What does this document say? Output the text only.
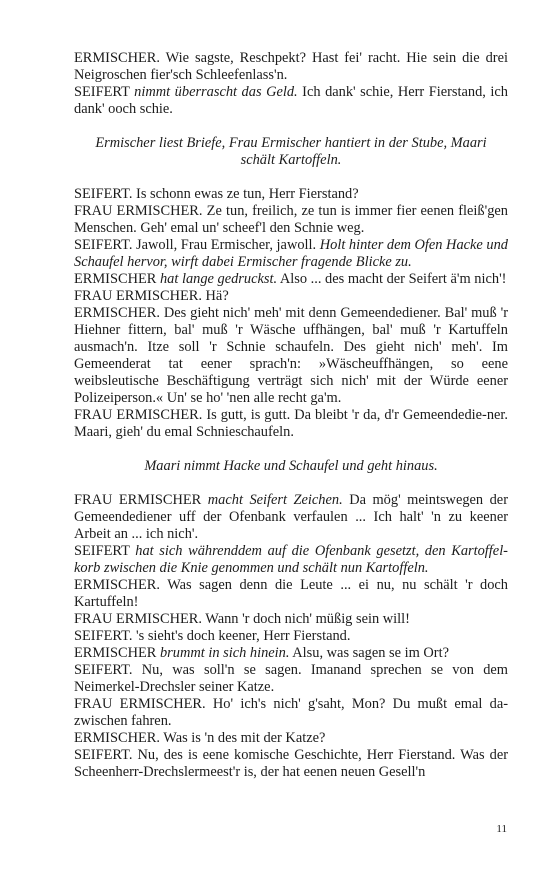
ERMISCHER. Wie sagste, Reschpekt? Hast fei' racht. Hie sein die drei Neigroschen fier'sch Schleefenlass'n.

SEIFERT nimmt überrascht das Geld. Ich dank' schie, Herr Fierstand, ich dank' ooch schie.

Ermischer liest Briefe, Frau Ermischer hantiert in der Stube, Maari schält Kartoffeln.

SEIFERT. Is schonn ewas ze tun, Herr Fierstand?

FRAU ERMISCHER. Ze tun, freilich, ze tun is immer fier eenen fleiß'gen Menschen. Geh' emal un' scheef'l den Schnie weg.

SEIFERT. Jawoll, Frau Ermischer, jawoll. Holt hinter dem Ofen Hacke und Schaufel hervor, wirft dabei Ermischer fragende Blicke zu.

ERMISCHER hat lange gedruckst. Also ... des macht der Seifert ä'm nich'!

FRAU ERMISCHER. Hä?

ERMISCHER. Des gieht nich' meh' mit denn Gemeendediener. Bal' muß 'r Hiehner fittern, bal' muß 'r Wäsche uffhängen, bal' muß 'r Kartuffeln ausmach'n. Itze soll 'r Schnie schaufeln. Des gieht nich' meh'. Im Gemeenderat tat eener sprach'n: »Wäscheuffhängen, so eene weibsleutische Beschäftigung verträgt sich nich' mit der Würde eener Polizeiperson.« Un' se ho' 'nen alle recht ga'm.

FRAU ERMISCHER. Is gutt, is gutt. Da bleibt 'r da, d'r Gemeendedie-ner. Maari, gieh' du emal Schnieschaufeln.

Maari nimmt Hacke und Schaufel und geht hinaus.

FRAU ERMISCHER macht Seifert Zeichen. Da mög' meintswegen der Gemeendediener uff der Ofenbank verfaulen ... Ich halt' 'n zu keener Arbeit an ... ich nich'.

SEIFERT hat sich währenddem auf die Ofenbank gesetzt, den Kartoffel-korb zwischen die Knie genommen und schält nun Kartoffeln.

ERMISCHER. Was sagen denn die Leute ... ei nu, nu schält 'r doch Kartuffeln!

FRAU ERMISCHER. Wann 'r doch nich' müßig sein will!

SEIFERT. 's sieht's doch keener, Herr Fierstand.

ERMISCHER brummt in sich hinein. Alsu, was sagen se im Ort?

SEIFERT. Nu, was soll'n se sagen. Imanand sprechen se von dem Neimerkel-Drechsler seiner Katze.

FRAU ERMISCHER. Ho' ich's nich' g'saht, Mon? Du mußt emal da-zwischen fahren.

ERMISCHER. Was is 'n des mit der Katze?

SEIFERT. Nu, des is eene komische Geschichte, Herr Fierstand. Was der Scheenherr-Drechslermeest'r is, der hat eenen neuen Gesell'n

11
